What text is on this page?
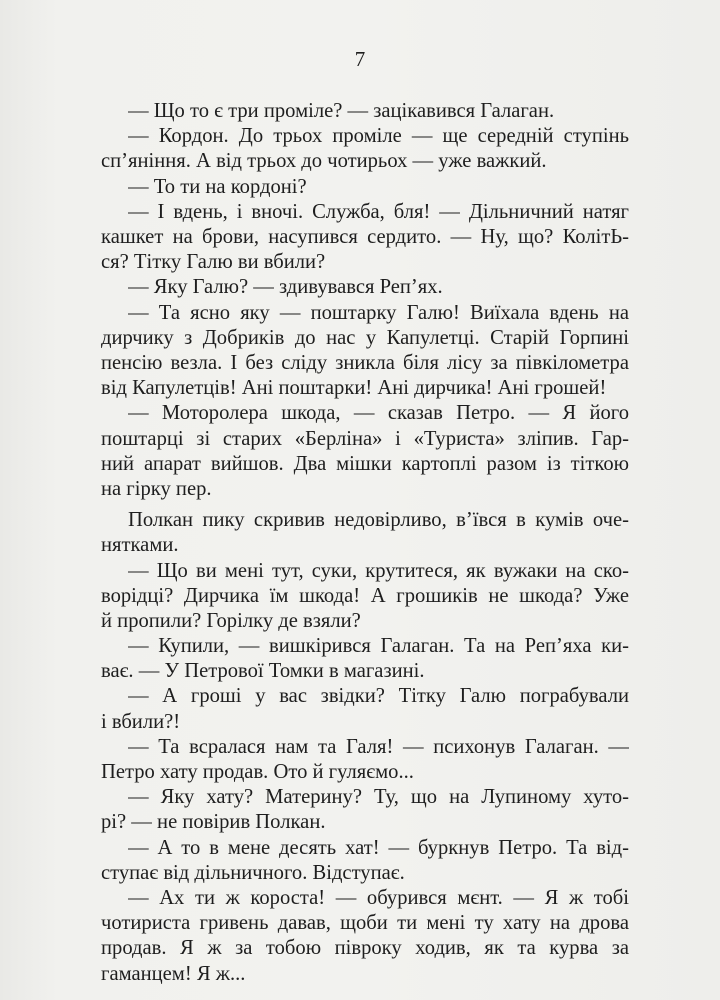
7
— Що то є три проміле? — зацікавився Галаган.
— Кордон. До трьох проміле — ще середній ступінь
сп’яніння. А від трьох до чотирьох — уже важкий.
— То ти на кордоні?
— І вдень, і вночі. Служба, бля! — Дільничний натяг
кашкет на брови, насупився сердито. — Ну, що? КолітЬ-
ся? Тітку Галю ви вбили?
— Яку Галю? — здивувався Реп’ях.
— Та ясно яку — поштарку Галю! Виїхала вдень на
дирчику з Добриків до нас у Капулетці. Старій Горпині
пенсію везла. І без сліду зникла біля лісу за півкілометра
від Капулетців! Ані поштарки! Ані дирчика! Ані грошей!
— Моторолера шкода, — сказав Петро. — Я його
поштарці зі старих «Берліна» і «Туриста» зліпив. Гар-
ний апарат вийшов. Два мішки картоплі разом із тіткою
на гірку пер.
Полкан пику скривив недовірливо, в’ївся в кумів оче-
нятками.
— Що ви мені тут, суки, крутитеся, як вужаки на ско-
ворідці? Дирчика їм шкода! А грошиків не шкода? Уже
й пропили? Горілку де взяли?
— Купили, — вишкірився Галаган. Та на Реп’яха ки-
ває. — У Петрової Томки в магазині.
— А гроші у вас звідки? Тітку Галю пограбували
і вбили?!
— Та всралася нам та Галя! — психонув Галаган. —
Петро хату продав. Ото й гуляємо...
— Яку хату? Материну? Ту, що на Лупиному хуто-
рі? — не повірив Полкан.
— А то в мене десять хат! — буркнув Петро. Та від-
ступає від дільничного. Відступає.
— Ах ти ж короста! — обурився мєнт. — Я ж тобі
чотириста гривень давав, щоби ти мені ту хату на дрова
продав. Я ж за тобою півроку ходив, як та курва за
гаманцем! Я ж...
